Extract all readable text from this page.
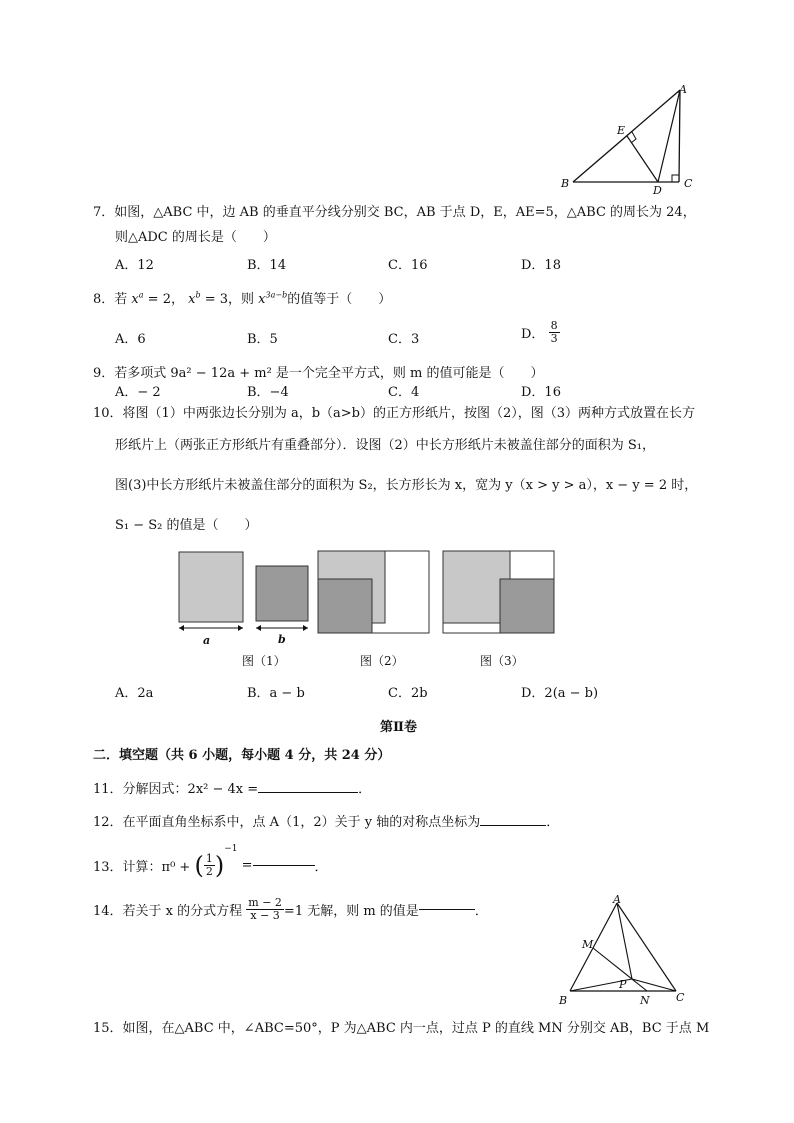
A
E
B
D
C
7．如图，△ABC 中，边 AB 的垂直平分线分别交 BC，AB 于点 D，E，AE=5，△ABC 的周长为 24，
则△ADC 的周长是（　　）
A．12	B．14	C．16	D．18
8．若 $x^a = 2$， $x^b = 3$，则 $x^{3a-b}$的值等于（　　）
A．6	B．5	C．3	D． $\frac{8}{3}$
9．若多项式 9a² − 12a + m² 是一个完全平方式，则 m 的值可能是（　　）
A．− 2	B．−4	C．4	D．16
10．将图（1）中两张边长分别为 a，b（a>b）的正方形纸片，按图（2），图（3）两种方式放置在长方
形纸片上（两张正方形纸片有重叠部分）．设图（2）中长方形纸片未被盖住部分的面积为 S₁，
图(3)中长方形纸片未被盖住部分的面积为 S₂，长方形长为 x，宽为 y（x > y > a），x − y = 2 时，
S₁ − S₂ 的值是（　　）
a	b
图（1）	图（2）	图（3）
A．2a	B．a − b	C．2b	D．2(a − b)
第Ⅱ卷
二．填空题（共 6 小题，每小题 4 分，共 24 分）
11．分解因式：2x² − 4x =	．
12．在平面直角坐标系中，点 A（1，2）关于 y 轴的对称点坐标为	．
13．计算：π⁰ + ( $\frac{1}{2} )^{-1}$ =	．
14．若关于 x 的分式方程 $\frac{m - 2}{x - 3} =1$ 无解，则 m 的值是	．
A
M
P
B	N C
15．如图，在△ABC 中，∠ABC=50°，P 为△ABC 内一点，过点 P 的直线 MN 分别交 AB，BC 于点 M
